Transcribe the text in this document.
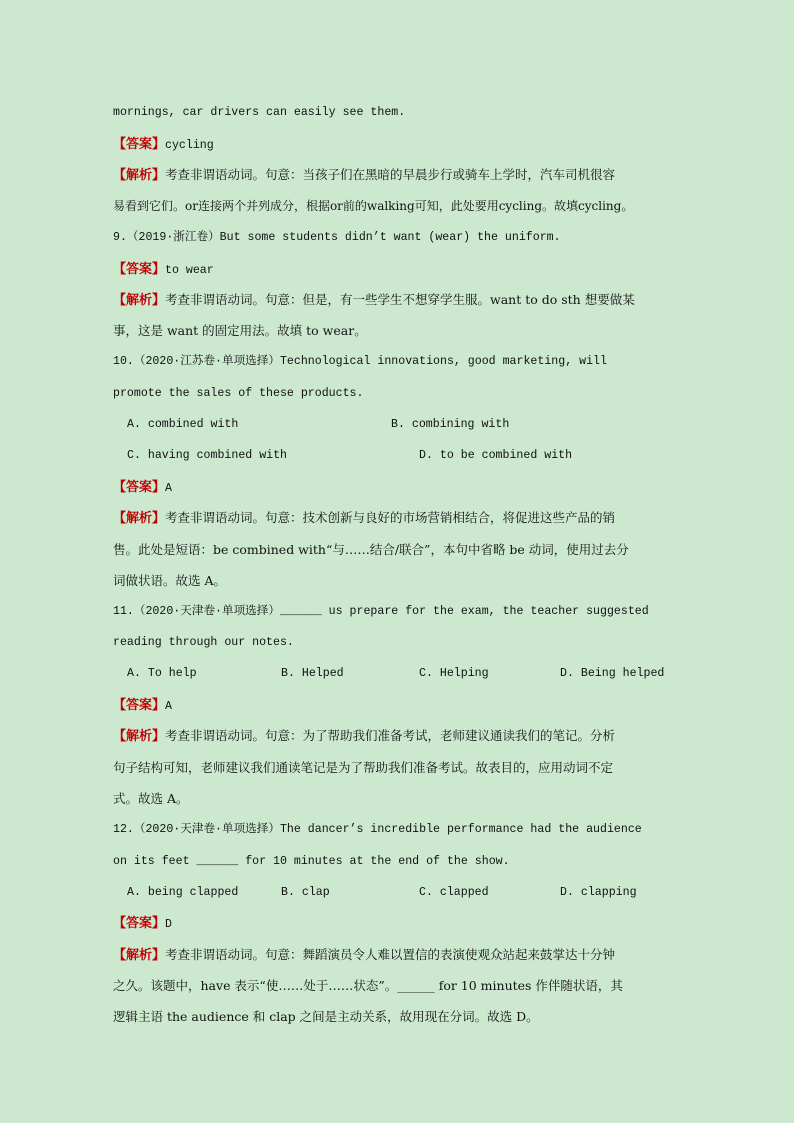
mornings, car drivers can easily see them.
【答案】cycling
【解析】考查非谓语动词。句意：当孩子们在黑暗的早晨步行或骑车上学时，汽车司机很容
易看到它们。or连接两个并列成分，根据or前的walking可知，此处要用cycling。故填cycling。
9.（2019·浙江卷）But some students didn’t want (wear) the uniform.
【答案】to wear
【解析】考查非谓语动词。句意：但是，有一些学生不想穿学生服。want to do sth 想要做某
事，这是 want 的固定用法。故填 to wear。
10.（2020·江苏卷·单项选择）Technological innovations, good marketing, will
promote the sales of these products.
A. combined with	B. combining with
C. having combined with	D. to be combined with
【答案】A
【解析】考查非谓语动词。句意：技术创新与良好的市场营销相结合，将促进这些产品的销
售。此处是短语：be combined with“与……结合/联合”，本句中省略 be 动词，使用过去分
词做状语。故选 A。
11.（2020·天津卷·单项选择）______ us prepare for the exam, the teacher suggested
reading through our notes.
A. To help	B. Helped	C. Helping	D. Being helped
【答案】A
【解析】考查非谓语动词。句意：为了帮助我们准备考试，老师建议通读我们的笔记。分析
句子结构可知，老师建议我们通读笔记是为了帮助我们准备考试。故表目的，应用动词不定
式。故选 A。
12.（2020·天津卷·单项选择）The dancer’s incredible performance had the audience
on its feet ______ for 10 minutes at the end of the show.
A. being clapped	B. clap	C. clapped	D. clapping
【答案】D
【解析】考查非谓语动词。句意：舞蹈演员令人难以置信的表演使观众站起来鼓掌达十分钟
之久。该题中，have 表示“使……处于……状态”。______ for 10 minutes 作伴随状语，其
逻辑主语 the audience 和 clap 之间是主动关系，故用现在分词。故选 D。
